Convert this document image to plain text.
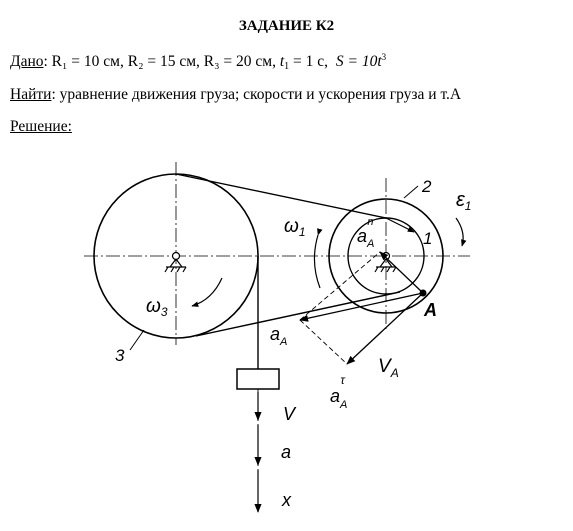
ЗАДАНИЕ К2
Дано: R₁ = 10 см, R₂ = 15 см, R₃ = 20 см, $t_1 = 1$ с, $S = 10t^3$
Найти: уравнение движения груза; скорости и ускорения груза и т.А
Решение:
2
$\varepsilon_1$
$\omega_1$	$a_An$
1
$\omega_3$
3
$a_A$
A
$V_A$
$a_A\tau$
V
a
x
